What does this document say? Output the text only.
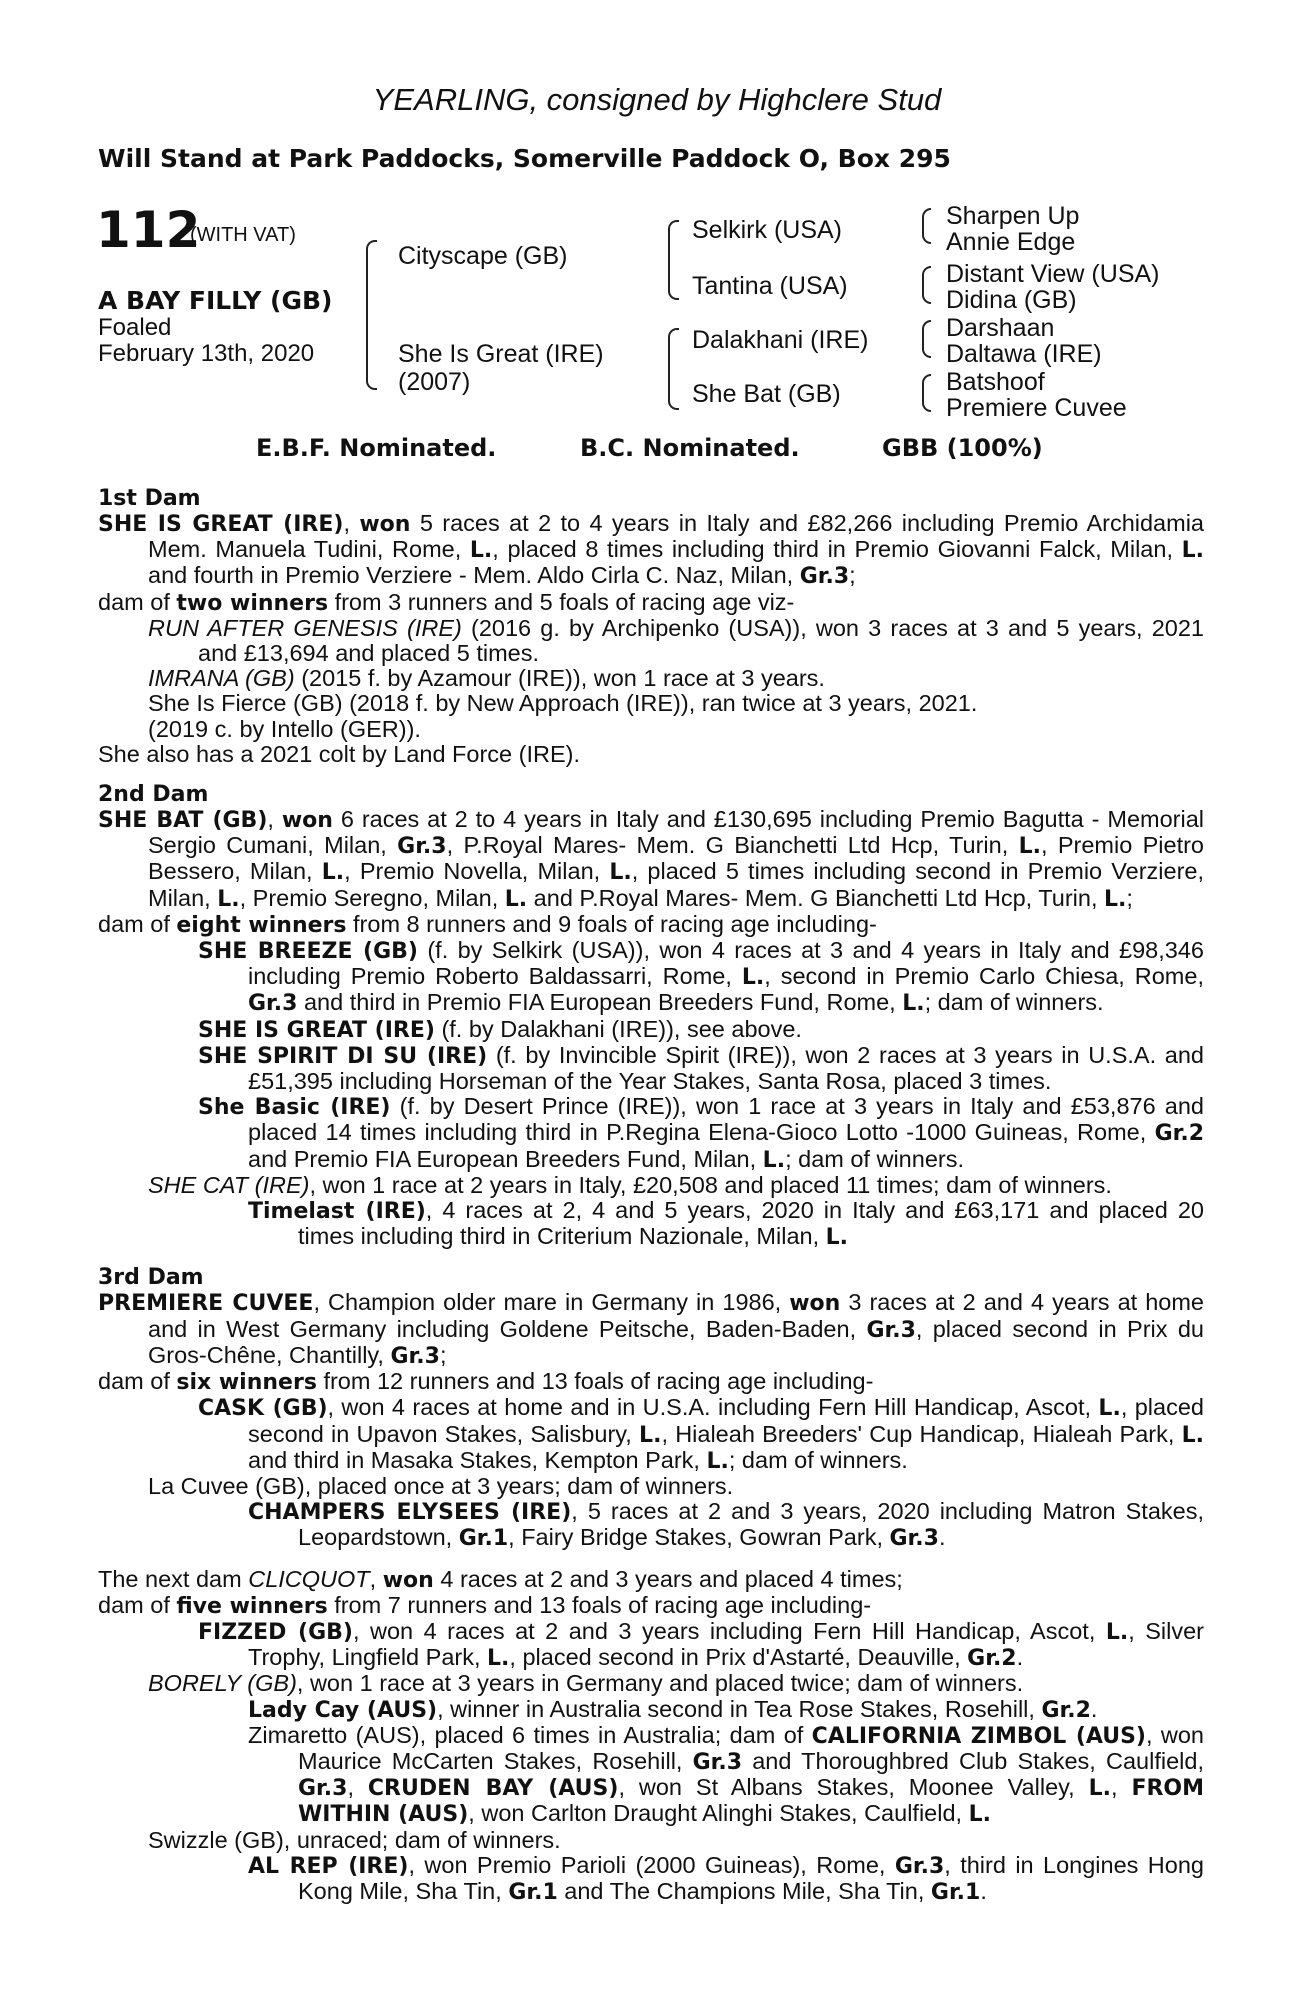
YEARLING, consigned by Highclere Stud
Will Stand at Park Paddocks, Somerville Paddock O, Box 295
112
(WITH VAT)
A BAY FILLY (GB)
Foaled
February 13th, 2020
Cityscape (GB)
She Is Great (IRE)
(2007)
Selkirk (USA)
Tantina (USA)
Dalakhani (IRE)
She Bat (GB)
Sharpen Up
Annie Edge
Distant View (USA)
Didina (GB)
Darshaan
Daltawa (IRE)
Batshoof
Premiere Cuvee
E.B.F. Nominated.	B.C. Nominated.	GBB (100%)
1st Dam
SHE IS GREAT (IRE), won 5 races at 2 to 4 years in Italy and £82,266 including Premio Archidamia Mem. Manuela Tudini, Rome, L., placed 8 times including third in Premio Giovanni Falck, Milan, L. and fourth in Premio Verziere - Mem. Aldo Cirla C. Naz, Milan, Gr.3;
dam of two winners from 3 runners and 5 foals of racing age viz-
RUN AFTER GENESIS (IRE) (2016 g. by Archipenko (USA)), won 3 races at 3 and 5 years, 2021 and £13,694 and placed 5 times.
IMRANA (GB) (2015 f. by Azamour (IRE)), won 1 race at 3 years.
She Is Fierce (GB) (2018 f. by New Approach (IRE)), ran twice at 3 years, 2021.
(2019 c. by Intello (GER)).
She also has a 2021 colt by Land Force (IRE).
2nd Dam
SHE BAT (GB), won 6 races at 2 to 4 years in Italy and £130,695 including Premio Bagutta - Memorial Sergio Cumani, Milan, Gr.3, P.Royal Mares- Mem. G Bianchetti Ltd Hcp, Turin, L., Premio Pietro Bessero, Milan, L., Premio Novella, Milan, L., placed 5 times including second in Premio Verziere, Milan, L., Premio Seregno, Milan, L. and P.Royal Mares- Mem. G Bianchetti Ltd Hcp, Turin, L.;
dam of eight winners from 8 runners and 9 foals of racing age including-
SHE BREEZE (GB) (f. by Selkirk (USA)), won 4 races at 3 and 4 years in Italy and £98,346 including Premio Roberto Baldassarri, Rome, L., second in Premio Carlo Chiesa, Rome, Gr.3 and third in Premio FIA European Breeders Fund, Rome, L.; dam of winners.
SHE IS GREAT (IRE) (f. by Dalakhani (IRE)), see above.
SHE SPIRIT DI SU (IRE) (f. by Invincible Spirit (IRE)), won 2 races at 3 years in U.S.A. and £51,395 including Horseman of the Year Stakes, Santa Rosa, placed 3 times.
She Basic (IRE) (f. by Desert Prince (IRE)), won 1 race at 3 years in Italy and £53,876 and placed 14 times including third in P.Regina Elena-Gioco Lotto -1000 Guineas, Rome, Gr.2 and Premio FIA European Breeders Fund, Milan, L.; dam of winners.
SHE CAT (IRE), won 1 race at 2 years in Italy, £20,508 and placed 11 times; dam of winners.
Timelast (IRE), 4 races at 2, 4 and 5 years, 2020 in Italy and £63,171 and placed 20 times including third in Criterium Nazionale, Milan, L.
3rd Dam
PREMIERE CUVEE, Champion older mare in Germany in 1986, won 3 races at 2 and 4 years at home and in West Germany including Goldene Peitsche, Baden-Baden, Gr.3, placed second in Prix du Gros-Chêne, Chantilly, Gr.3;
dam of six winners from 12 runners and 13 foals of racing age including-
CASK (GB), won 4 races at home and in U.S.A. including Fern Hill Handicap, Ascot, L., placed second in Upavon Stakes, Salisbury, L., Hialeah Breeders' Cup Handicap, Hialeah Park, L. and third in Masaka Stakes, Kempton Park, L.; dam of winners.
La Cuvee (GB), placed once at 3 years; dam of winners.
CHAMPERS ELYSEES (IRE), 5 races at 2 and 3 years, 2020 including Matron Stakes, Leopardstown, Gr.1, Fairy Bridge Stakes, Gowran Park, Gr.3.
The next dam CLICQUOT, won 4 races at 2 and 3 years and placed 4 times;
dam of five winners from 7 runners and 13 foals of racing age including-
FIZZED (GB), won 4 races at 2 and 3 years including Fern Hill Handicap, Ascot, L., Silver Trophy, Lingfield Park, L., placed second in Prix d'Astarté, Deauville, Gr.2.
BORELY (GB), won 1 race at 3 years in Germany and placed twice; dam of winners.
Lady Cay (AUS), winner in Australia second in Tea Rose Stakes, Rosehill, Gr.2.
Zimaretto (AUS), placed 6 times in Australia; dam of CALIFORNIA ZIMBOL (AUS), won Maurice McCarten Stakes, Rosehill, Gr.3 and Thoroughbred Club Stakes, Caulfield, Gr.3, CRUDEN BAY (AUS), won St Albans Stakes, Moonee Valley, L., FROM WITHIN (AUS), won Carlton Draught Alinghi Stakes, Caulfield, L.
Swizzle (GB), unraced; dam of winners.
AL REP (IRE), won Premio Parioli (2000 Guineas), Rome, Gr.3, third in Longines Hong Kong Mile, Sha Tin, Gr.1 and The Champions Mile, Sha Tin, Gr.1.
